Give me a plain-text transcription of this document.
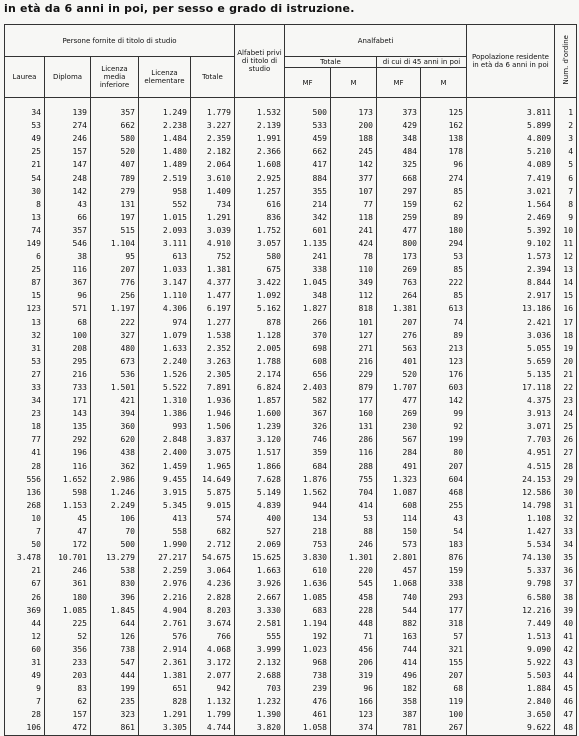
in età da 6 anni in poi, per sesso e grado di istruzione.
Persone fornite di titolo di studio					Alfabeti privi di titolo di studio	Analfabeti				Popolazione residente in età da 6 anni in poi	Num. d'ordine
Laurea	Diploma	Licenza media inferiore	Licenza elementare	Totale		Totale		di cui di 45 anni in poi			
						MF	M	MF	M		
34	139	357	1.249	1.779	1.532	500	173	373	125	3.811	1
53	274	662	2.238	3.227	2.139	533	200	429	162	5.899	2
49	246	580	1.484	2.359	1.991	459	188	348	138	4.809	3
25	157	520	1.480	2.182	2.366	662	245	484	178	5.210	4
21	147	407	1.489	2.064	1.608	417	142	325	96	4.089	5
54	248	789	2.519	3.610	2.925	884	377	668	274	7.419	6
30	142	279	958	1.409	1.257	355	107	297	85	3.021	7
8	43	131	552	734	616	214	77	159	62	1.564	8
13	66	197	1.015	1.291	836	342	118	259	89	2.469	9
74	357	515	2.093	3.039	1.752	601	241	477	180	5.392	10
149	546	1.104	3.111	4.910	3.057	1.135	424	800	294	9.102	11
6	38	95	613	752	580	241	78	173	53	1.573	12
25	116	207	1.033	1.381	675	338	110	269	85	2.394	13
87	367	776	3.147	4.377	3.422	1.045	349	763	222	8.844	14
15	96	256	1.110	1.477	1.092	348	112	264	85	2.917	15
123	571	1.197	4.306	6.197	5.162	1.827	818	1.381	613	13.186	16
13	68	222	974	1.277	878	266	101	207	74	2.421	17
32	100	327	1.079	1.538	1.128	370	127	276	89	3.036	18
31	208	480	1.633	2.352	2.005	698	271	563	213	5.055	19
53	295	673	2.240	3.263	1.788	608	216	401	123	5.659	20
27	216	536	1.526	2.305	2.174	656	229	520	176	5.135	21
33	733	1.501	5.522	7.891	6.824	2.403	879	1.707	603	17.118	22
34	171	421	1.310	1.936	1.857	582	177	477	142	4.375	23
23	143	394	1.386	1.946	1.600	367	160	269	99	3.913	24
18	135	360	993	1.506	1.239	326	131	230	92	3.071	25
77	292	620	2.848	3.837	3.120	746	286	567	199	7.703	26
41	196	438	2.400	3.075	1.517	359	116	284	80	4.951	27
28	116	362	1.459	1.965	1.866	684	288	491	207	4.515	28
556	1.652	2.986	9.455	14.649	7.628	1.876	755	1.323	604	24.153	29
136	598	1.246	3.915	5.875	5.149	1.562	704	1.087	468	12.586	30
268	1.153	2.249	5.345	9.015	4.839	944	414	608	255	14.798	31
10	45	106	413	574	400	134	53	114	43	1.108	32
7	47	70	558	682	527	218	88	150	54	1.427	33
50	172	500	1.990	2.712	2.069	753	246	573	183	5.534	34
3.478	10.701	13.279	27.217	54.675	15.625	3.830	1.301	2.801	876	74.130	35
21	246	538	2.259	3.064	1.663	610	220	457	159	5.337	36
67	361	830	2.976	4.236	3.926	1.636	545	1.068	338	9.798	37
26	180	396	2.216	2.828	2.667	1.085	458	740	293	6.580	38
369	1.085	1.845	4.904	8.203	3.330	683	228	544	177	12.216	39
44	225	644	2.761	3.674	2.581	1.194	448	882	318	7.449	40
12	52	126	576	766	555	192	71	163	57	1.513	41
60	356	738	2.914	4.068	3.999	1.023	456	744	321	9.090	42
31	233	547	2.361	3.172	2.132	968	206	414	155	5.922	43
49	203	444	1.381	2.077	2.688	738	319	496	207	5.503	44
9	83	199	651	942	703	239	96	182	68	1.884	45
7	62	235	828	1.132	1.232	476	166	358	119	2.840	46
28	157	323	1.291	1.799	1.390	461	123	387	100	3.650	47
106	472	861	3.305	4.744	3.820	1.058	374	781	267	9.622	48
